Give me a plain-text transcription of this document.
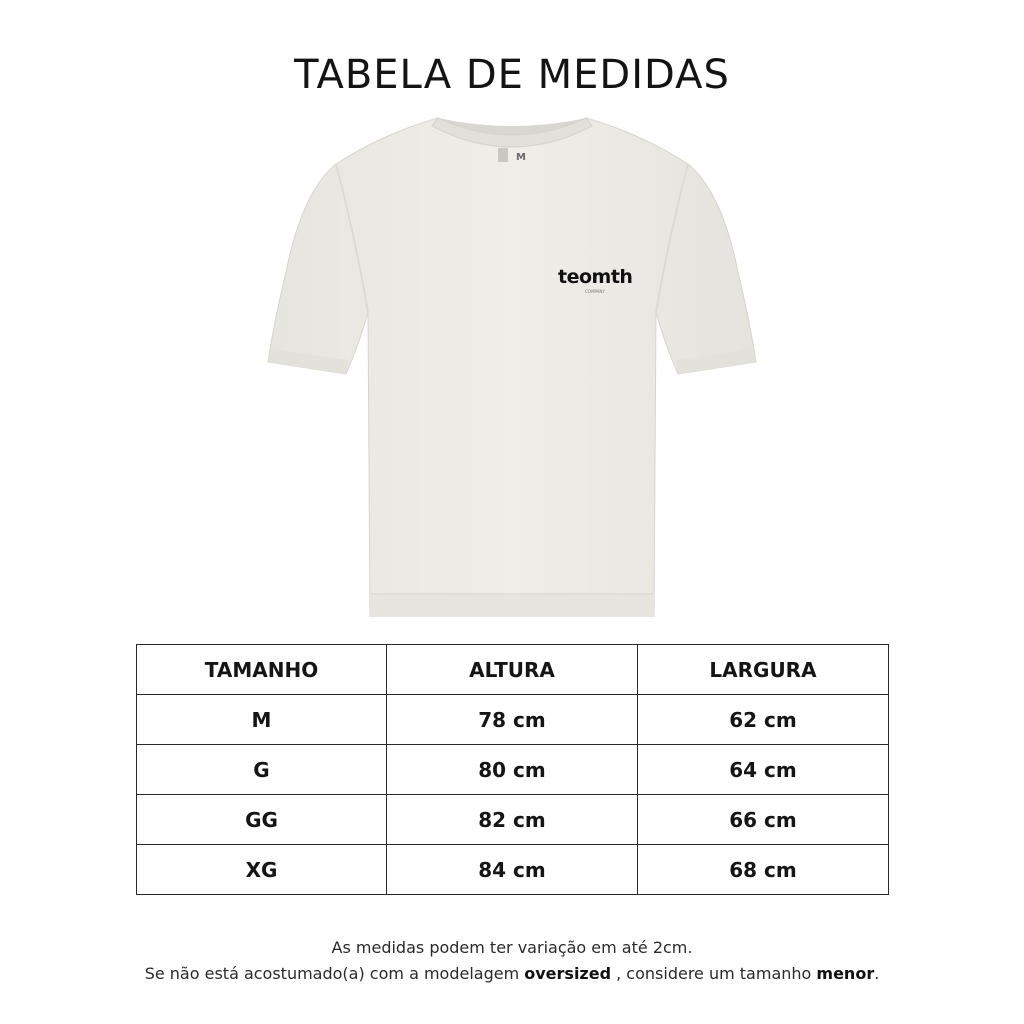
TABELA DE MEDIDAS
M
teomth
COMPANY
TAMANHO	ALTURA	LARGURA
M	78 cm	62 cm
G	80 cm	64 cm
GG	82 cm	66 cm
XG	84 cm	68 cm
As medidas podem ter variação em até 2cm.
Se não está acostumado(a) com a modelagem oversized , considere um tamanho menor.
